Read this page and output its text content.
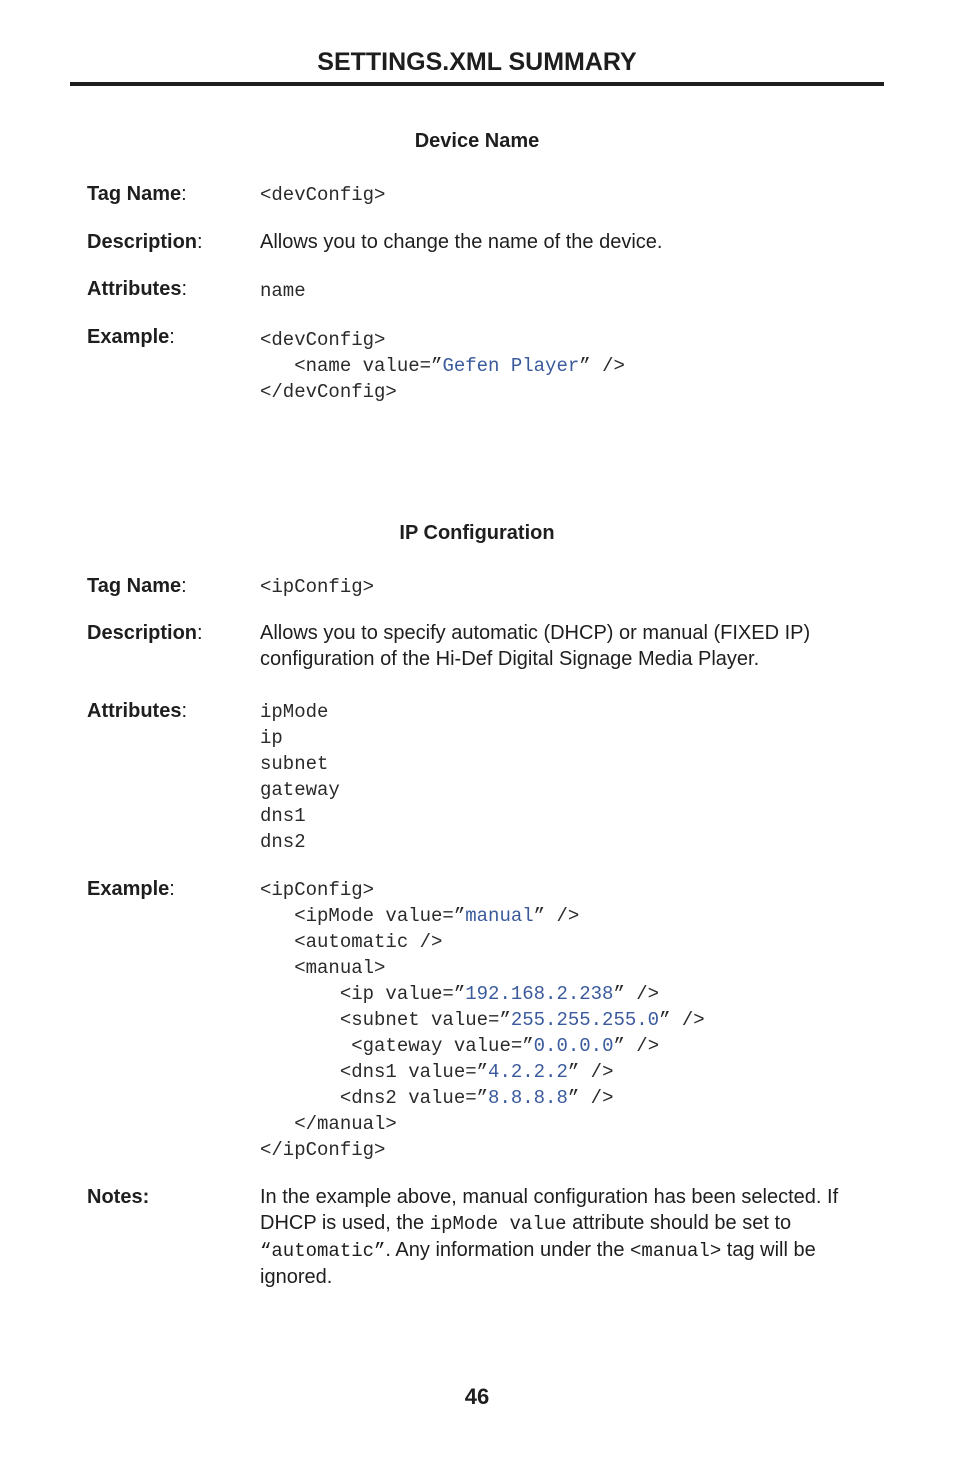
SETTINGS.XML SUMMARY
Device Name
Tag Name:	<devConfig>
Description:	Allows you to change the name of the device.
Attributes:	name
Example:	<devConfig>
<name value=”Gefen Player” />
</devConfig>
IP Configuration
Tag Name:	<ipConfig>
Description:	Allows you to specify automatic (DHCP) or manual (FIXED IP) configuration of the Hi-Def Digital Signage Media Player.
Attributes:	ipMode
ip
subnet
gateway
dns1
dns2
Example:	<ipConfig>
<ipMode value=”manual” />
<automatic />
<manual>
<ip value=”192.168.2.238” />
<subnet value=”255.255.255.0” />
<gateway value=”0.0.0.0” />
<dns1 value=”4.2.2.2” />
<dns2 value=”8.8.8.8” />
</manual>
</ipConfig>
Notes:	In the example above, manual configuration has been selected. If DHCP is used, the ipMode value attribute should be set to “automatic”. Any information under the <manual> tag will be ignored.
46
